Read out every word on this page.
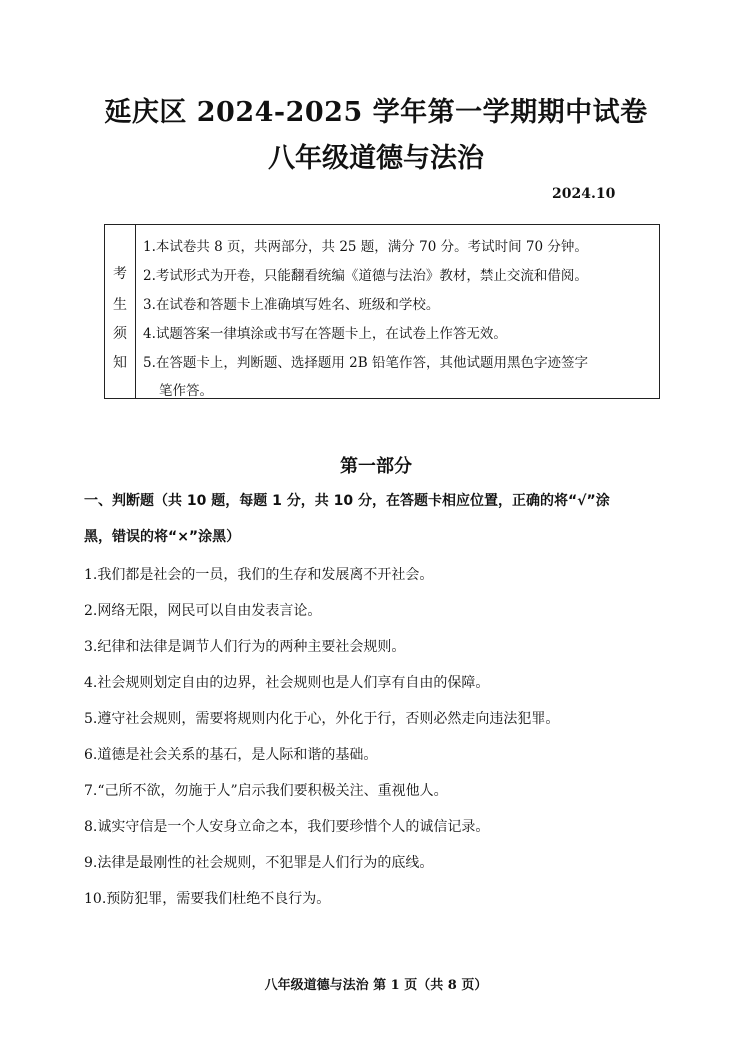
延庆区 2024-2025 学年第一学期期中试卷
八年级道德与法治
2024.10
考
生
须
知
1.本试卷共 8 页，共两部分，共 25 题，满分 70 分。考试时间 70 分钟。
2.考试形式为开卷，只能翻看统编《道德与法治》教材，禁止交流和借阅。
3.在试卷和答题卡上准确填写姓名、班级和学校。
4.试题答案一律填涂或书写在答题卡上，在试卷上作答无效。
5.在答题卡上，判断题、选择题用 2B 铅笔作答，其他试题用黑色字迹签字
笔作答。
第一部分
一、判断题（共 10 题，每题 1 分，共 10 分，在答题卡相应位置，正确的将“√”涂
黑，错误的将“×”涂黑）
1.我们都是社会的一员，我们的生存和发展离不开社会。
2.网络无限，网民可以自由发表言论。
3.纪律和法律是调节人们行为的两种主要社会规则。
4.社会规则划定自由的边界，社会规则也是人们享有自由的保障。
5.遵守社会规则，需要将规则内化于心，外化于行，否则必然走向违法犯罪。
6.道德是社会关系的基石，是人际和谐的基础。
7.“己所不欲，勿施于人”启示我们要积极关注、重视他人。
8.诚实守信是一个人安身立命之本，我们要珍惜个人的诚信记录。
9.法律是最刚性的社会规则，不犯罪是人们行为的底线。
10.预防犯罪，需要我们杜绝不良行为。
八年级道德与法治 第 1 页（共 8 页）
